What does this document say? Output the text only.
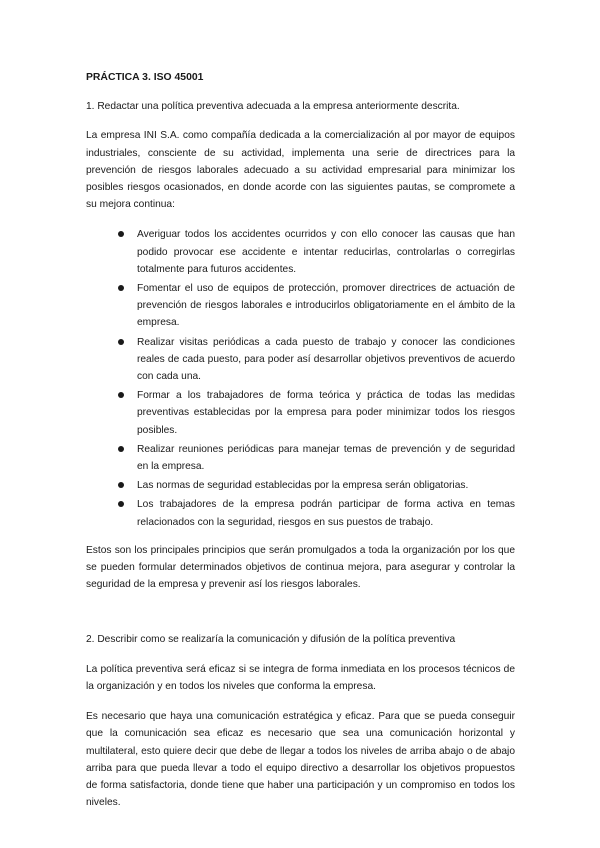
PRÁCTICA 3. ISO 45001
1. Redactar una política preventiva adecuada a la empresa anteriormente descrita.

La empresa INI S.A. como compañía dedicada a la comercialización al por mayor de equipos industriales, consciente de su actividad, implementa una serie de directrices para la prevención de riesgos laborales adecuado a su actividad empresarial para minimizar los posibles riesgos ocasionados, en donde acorde con las siguientes pautas, se compromete a su mejora continua:

Averiguar todos los accidentes ocurridos y con ello conocer las causas que han podido provocar ese accidente e intentar reducirlas, controlarlas o corregirlas totalmente para futuros accidentes.
Fomentar el uso de equipos de protección, promover directrices de actuación de prevención de riesgos laborales e introducirlos obligatoriamente en el ámbito de la empresa.
Realizar visitas periódicas a cada puesto de trabajo y conocer las condiciones reales de cada puesto, para poder así desarrollar objetivos preventivos de acuerdo con cada una.
Formar a los trabajadores de forma teórica y práctica de todas las medidas preventivas establecidas por la empresa para poder minimizar todos los riesgos posibles.
Realizar reuniones periódicas para manejar temas de prevención y de seguridad en la empresa.
Las normas de seguridad establecidas por la empresa serán obligatorias.
Los trabajadores de la empresa podrán participar de forma activa en temas relacionados con la seguridad, riesgos en sus puestos de trabajo.

Estos son los principales principios que serán promulgados a toda la organización por los que se pueden formular determinados objetivos de continua mejora, para asegurar y controlar la seguridad de la empresa y prevenir así los riesgos laborales.

2. Describir como se realizaría la comunicación y difusión de la política preventiva

La política preventiva será eficaz si se integra de forma inmediata en los procesos técnicos de la organización y en todos los niveles que conforma la empresa.

Es necesario que haya una comunicación estratégica y eficaz. Para que se pueda conseguir que la comunicación sea eficaz es necesario que sea una comunicación horizontal y multilateral, esto quiere decir que debe de llegar a todos los niveles de arriba abajo o de abajo arriba para que pueda llevar a todo el equipo directivo a desarrollar los objetivos propuestos de forma satisfactoria, donde tiene que haber una participación y un compromiso en todos los niveles.
